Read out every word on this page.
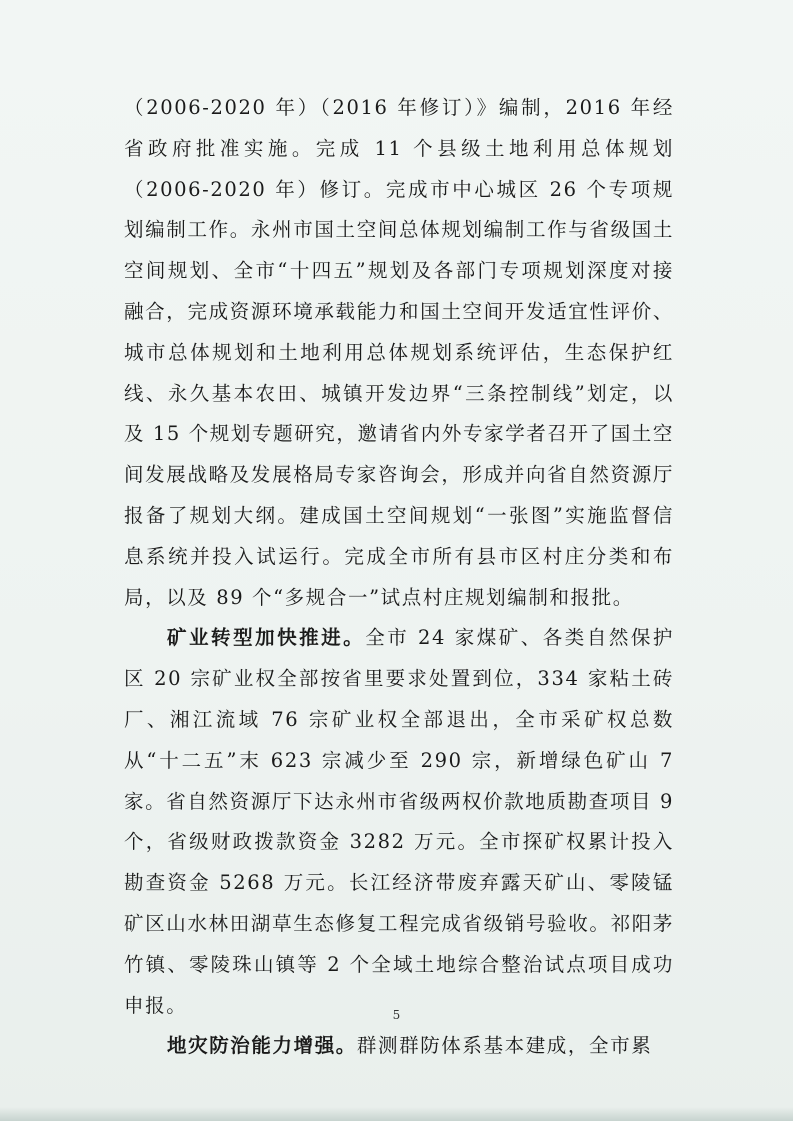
（2006-2020 年）（2016 年修订）》编制，2016 年经省政府批准实施。完成 11 个县级土地利用总体规划（2006-2020 年）修订。完成市中心城区 26 个专项规划编制工作。永州市国土空间总体规划编制工作与省级国土空间规划、全市“十四五”规划及各部门专项规划深度对接融合，完成资源环境承载能力和国土空间开发适宜性评价、城市总体规划和土地利用总体规划系统评估，生态保护红线、永久基本农田、城镇开发边界“三条控制线”划定，以及 15 个规划专题研究，邀请省内外专家学者召开了国土空间发展战略及发展格局专家咨询会，形成并向省自然资源厅报备了规划大纲。建成国土空间规划“一张图”实施监督信息系统并投入试运行。完成全市所有县市区村庄分类和布局，以及 89 个“多规合一”试点村庄规划编制和报批。

矿业转型加快推进。全市 24 家煤矿、各类自然保护区 20 宗矿业权全部按省里要求处置到位，334 家粘土砖厂、湘江流域 76 宗矿业权全部退出，全市采矿权总数从“十二五”末 623 宗减少至 290 宗，新增绿色矿山 7 家。省自然资源厅下达永州市省级两权价款地质勘查项目 9 个，省级财政拨款资金 3282 万元。全市探矿权累计投入勘查资金 5268 万元。长江经济带废弃露天矿山、零陵锰矿区山水林田湖草生态修复工程完成省级销号验收。祁阳茅竹镇、零陵珠山镇等 2 个全域土地综合整治试点项目成功申报。

地灾防治能力增强。群测群防体系基本建成，全市累

5
